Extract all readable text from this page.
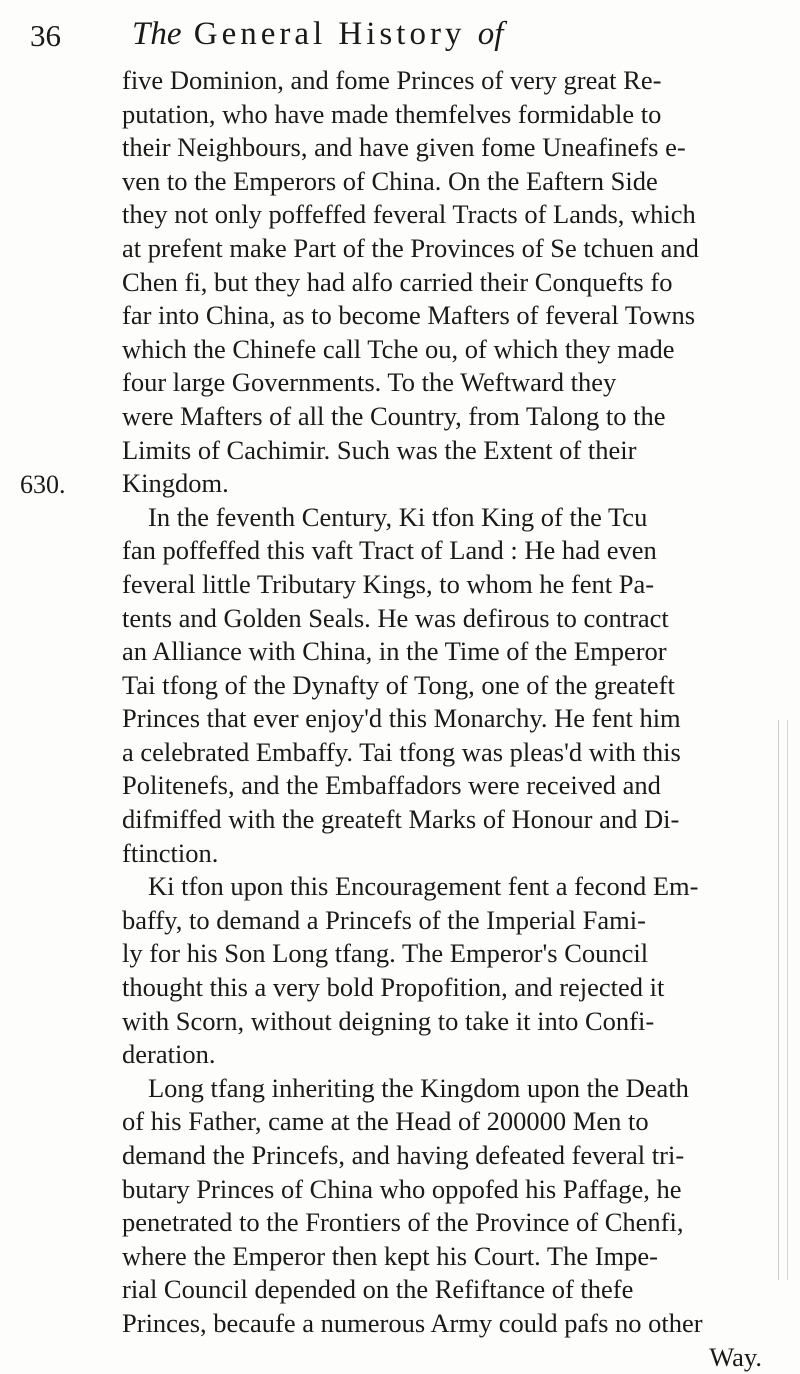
36 The General History of
630.
five Dominion, and fome Princes of very great Re-
putation, who have made themfelves formidable to
their Neighbours, and have given fome Uneafinefs e-
ven to the Emperors of China. On the Eaftern Side
they not only poffeffed feveral Tracts of Lands, which
at prefent make Part of the Provinces of Se tchuen and
Chen fi, but they had alfo carried their Conquefts fo
far into China, as to become Mafters of feveral Towns
which the Chinefe call Tche ou, of which they made
four large Governments. To the Weftward they
were Mafters of all the Country, from Talong to the
Limits of Cachimir. Such was the Extent of their
Kingdom.
In the feventh Century, Ki tfon King of the Tcu
fan poffeffed this vaft Tract of Land : He had even
feveral little Tributary Kings, to whom he fent Pa-
tents and Golden Seals. He was defirous to contract
an Alliance with China, in the Time of the Emperor
Tai tfong of the Dynafty of Tong, one of the greateft
Princes that ever enjoy'd this Monarchy. He fent him
a celebrated Embaffy. Tai tfong was pleas'd with this
Politenefs, and the Embaffadors were received and
difmiffed with the greateft Marks of Honour and Di-
ftinction.
Ki tfon upon this Encouragement fent a fecond Em-
baffy, to demand a Princefs of the Imperial Fami-
ly for his Son Long tfang. The Emperor's Council
thought this a very bold Propofition, and rejected it
with Scorn, without deigning to take it into Confi-
deration.
Long tfang inheriting the Kingdom upon the Death
of his Father, came at the Head of 200000 Men to
demand the Princefs, and having defeated feveral tri-
butary Princes of China who oppofed his Paffage, he
penetrated to the Frontiers of the Province of Chenfi,
where the Emperor then kept his Court. The Impe-
rial Council depended on the Refiftance of thefe
Princes, becaufe a numerous Army could pafs no other
Way.
